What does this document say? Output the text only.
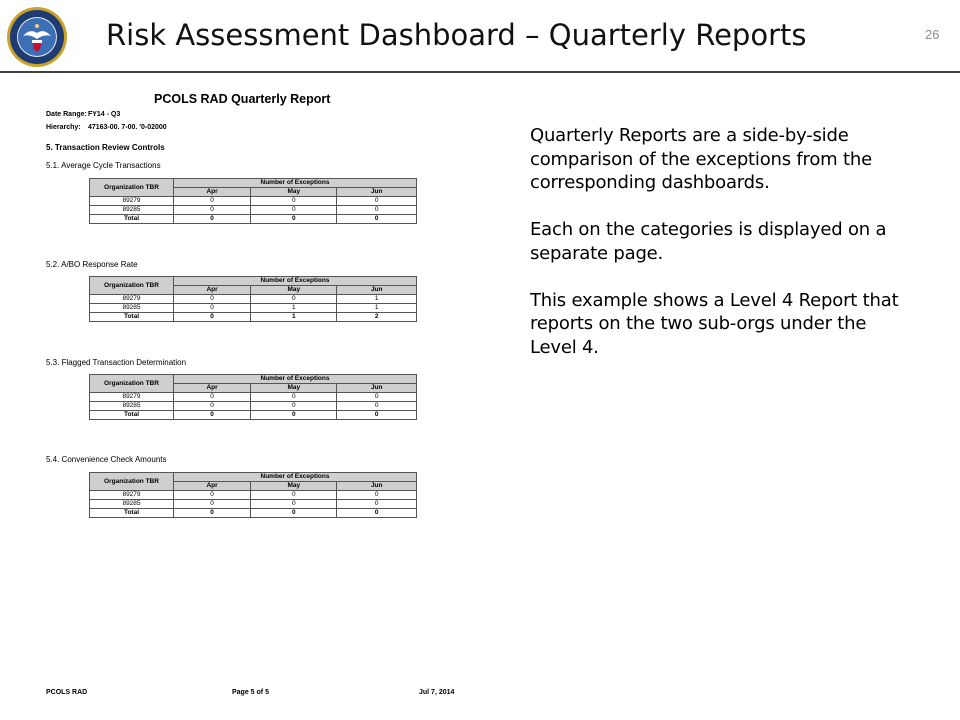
Risk Assessment Dashboard – Quarterly Reports	26
PCOLS RAD Quarterly Report
Date Range: FY14 - Q3
Hierarchy: 47163-00. 7-00. '0-02000
5. Transaction Review Controls
5.1. Average Cycle Transactions
Organization TBR	Number of Exceptions		
	Apr	May	Jun
89279	0	0	0
89285	0	0	0
Total	0	0	0
5.2. A/BO Response Rate
Organization TBR	Number of Exceptions		
	Apr	May	Jun
89279	0	0	1
89285	0	1	1
Total	0	1	2
5.3. Flagged Transaction Determination
Organization TBR	Number of Exceptions		
	Apr	May	Jun
89279	0	0	0
89285	0	0	0
Total	0	0	0
5.4. Convenience Check Amounts
Organization TBR	Number of Exceptions		
	Apr	May	Jun
89279	0	0	0
89285	0	0	0
Total	0	0	0
PCOLS RAD	Page 5 of 5	Jul 7, 2014

Quarterly Reports are a side-by-side comparison of the exceptions from the corresponding dashboards.

Each on the categories is displayed on a separate page.

This example shows a Level 4 Report that reports on the two sub-orgs under the Level 4.
